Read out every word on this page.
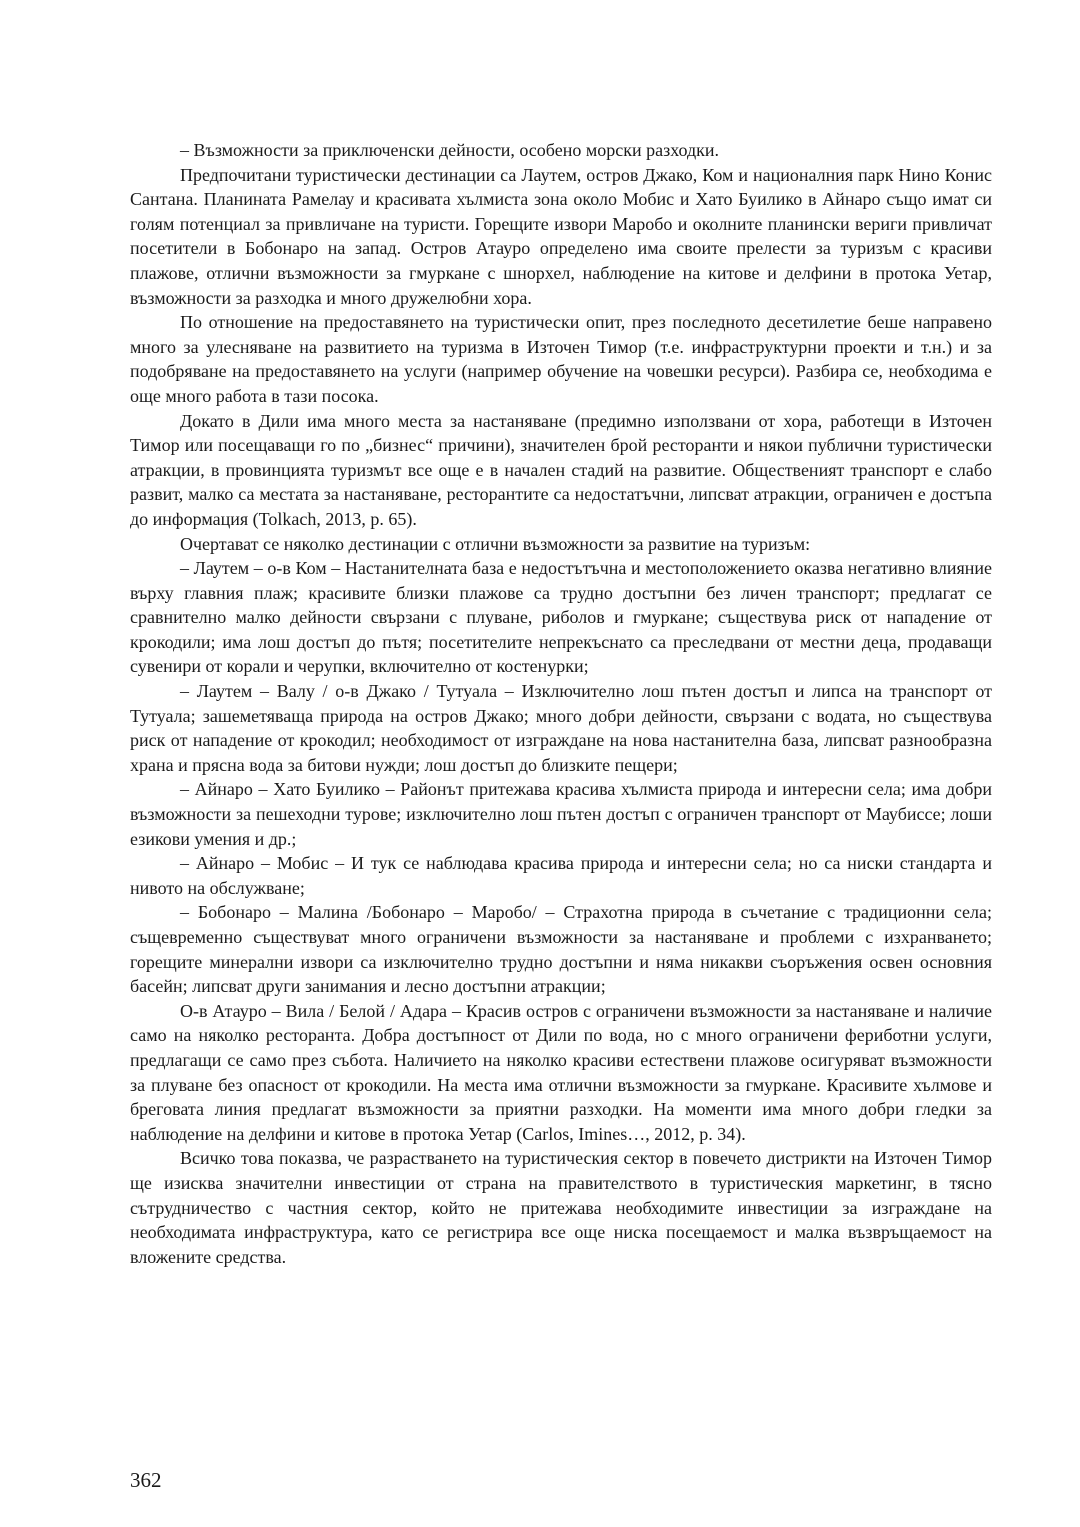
– Възможности за приключенски дейности, особено морски разходки.

Предпочитани туристически дестинации са Лаутем, остров Джако, Ком и националния парк Нино Конис Сантана. Планината Рамелау и красивата хълмиста зона около Мобис и Хато Буилико в Айнаро също имат си голям потенциал за привличане на туристи. Горещите извори Маробо и околните планински вериги привличат посетители в Бобонаро на запад. Остров Атауро определено има своите прелести за туризъм с красиви плажове, отлични възможности за гмуркане с шнорхел, наблюдение на китове и делфини в протока Уетар, възможности за разходка и много дружелюбни хора.

По отношение на предоставянето на туристически опит, през последното десетилетие беше направено много за улесняване на развитието на туризма в Източен Тимор (т.е. инфраструктурни проекти и т.н.) и за подобряване на предоставянето на услуги (например обучение на човешки ресурси). Разбира се, необходима е още много работа в тази посока.

Докато в Дили има много места за настаняване (предимно използвани от хора, работещи в Източен Тимор или посещаващи го по „бизнес“ причини), значителен брой ресторанти и някои публични туристически атракции, в провинцията туризмът все още е в начален стадий на развитие. Общественият транспорт е слабо развит, малко са местата за настаняване, ресторантите са недостатъчни, липсват атракции, ограничен е достъпа до информация (Tolkach, 2013, p. 65).

Очертават се няколко дестинации с отлични възможности за развитие на туризъм:

– Лаутем – о-в Ком – Настанителната база е недостътъчна и местоположението оказва негативно влияние върху главния плаж; красивите близки плажове са трудно достъпни без личен транспорт; предлагат се сравнително малко дейности свързани с плуване, риболов и гмуркане; съществува риск от нападение от крокодили; има лош достъп до пътя; посетителите непрекъснато са преследвани от местни деца, продаващи сувенири от корали и черупки, включително от костенурки;

– Лаутем – Валу / о-в Джако / Тутуала – Изключително лош пътен достъп и липса на транспорт от Тутуала; зашеметяваща природа на остров Джако; много добри дейности, свързани с водата, но съществува риск от нападение от крокодил; необходимост от изграждане на нова настанителна база, липсват разнообразна храна и прясна вода за битови нужди; лош достъп до близките пещери;

– Айнаро – Хато Буилико – Районът притежава красива хълмиста природа и интересни села; има добри възможности за пешеходни турове; изключително лош пътен достъп с ограничен транспорт от Маубиссе; лоши езикови умения и др.;

– Айнаро – Мобис – И тук се наблюдава красива природа и интересни села; но са ниски стандарта и нивото на обслужване;

– Бобонаро – Малина /Бобонаро – Маробо/ – Страхотна природа в съчетание с традиционни села; същевременно съществуват много ограничени възможности за настаняване и проблеми с изхранването; горещите минерални извори са изключително трудно достъпни и няма никакви съоръжения освен основния басейн; липсват други занимания и лесно достъпни атракции;

О-в Атауро – Вила / Белой / Адара – Красив остров с ограничени възможности за настаняване и наличие само на няколко ресторанта. Добра достъпност от Дили по вода, но с много ограничени фериботни услуги, предлагащи се само през събота. Наличието на няколко красиви естествени плажове осигуряват възможности за плуване без опасност от крокодили. На места има отлични възможности за гмуркане. Красивите хълмове и бреговата линия предлагат възможности за приятни разходки. На моменти има много добри гледки за наблюдение на делфини и китове в протока Уетар (Carlos, Imines…, 2012, p. 34).

Всичко това показва, че разрастването на туристическия сектор в повечето дистрикти на Източен Тимор ще изисква значителни инвестиции от страна на правителството в туристическия маркетинг, в тясно сътрудничество с частния сектор, който не притежава необходимите инвестиции за изграждане на необходимата инфраструктура, като се регистрира все още ниска посещаемост и малка възвръщаемост на вложените средства.

362
